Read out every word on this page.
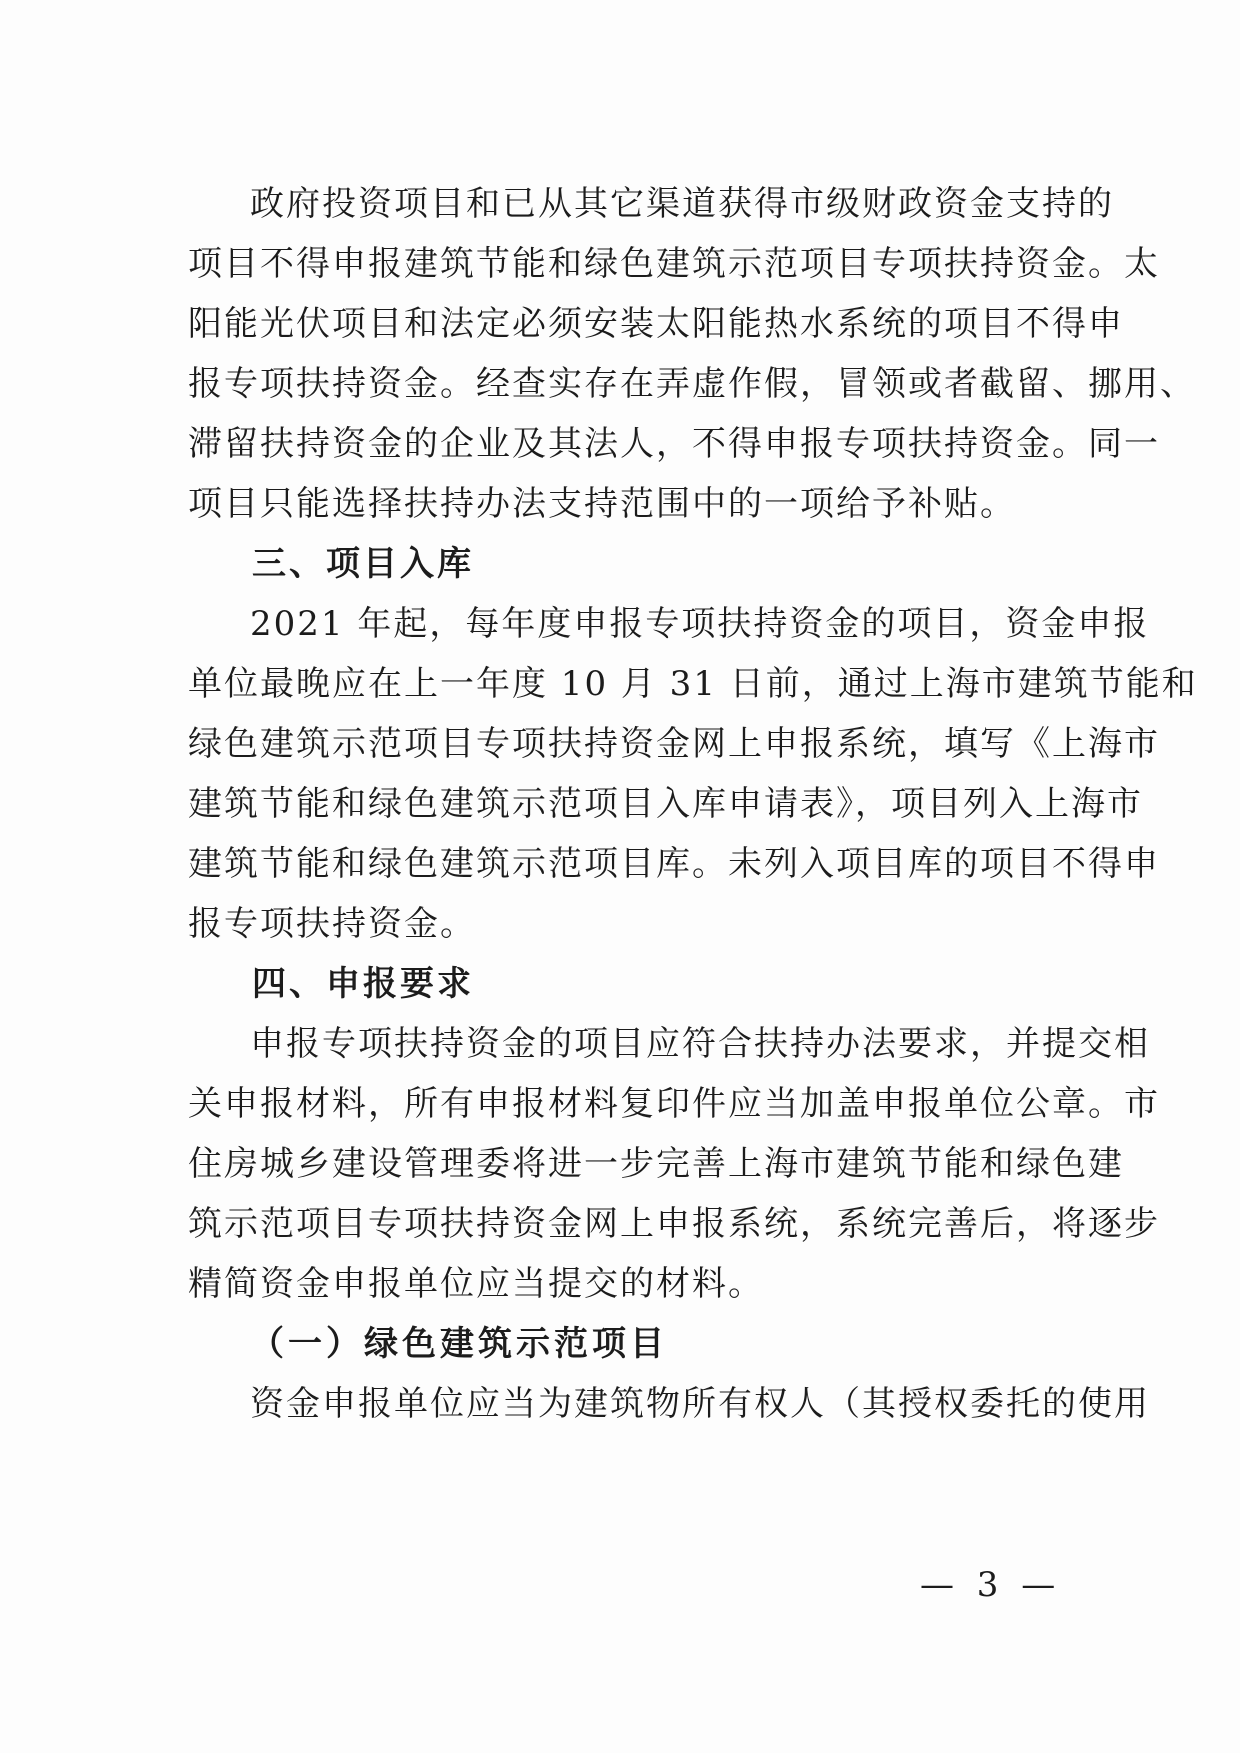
政府投资项目和已从其它渠道获得市级财政资金支持的
项目不得申报建筑节能和绿色建筑示范项目专项扶持资金。太
阳能光伏项目和法定必须安装太阳能热水系统的项目不得申
报专项扶持资金。经查实存在弄虚作假，冒领或者截留、挪用、
滞留扶持资金的企业及其法人，不得申报专项扶持资金。同一
项目只能选择扶持办法支持范围中的一项给予补贴。
三、项目入库
2021 年起，每年度申报专项扶持资金的项目，资金申报
单位最晚应在上一年度 10 月 31 日前，通过上海市建筑节能和
绿色建筑示范项目专项扶持资金网上申报系统，填写《上海市
建筑节能和绿色建筑示范项目入库申请表》，项目列入上海市
建筑节能和绿色建筑示范项目库。未列入项目库的项目不得申
报专项扶持资金。
四、申报要求
申报专项扶持资金的项目应符合扶持办法要求，并提交相
关申报材料，所有申报材料复印件应当加盖申报单位公章。市
住房城乡建设管理委将进一步完善上海市建筑节能和绿色建
筑示范项目专项扶持资金网上申报系统，系统完善后，将逐步
精简资金申报单位应当提交的材料。
（一）绿色建筑示范项目
资金申报单位应当为建筑物所有权人（其授权委托的使用
— 3 —
